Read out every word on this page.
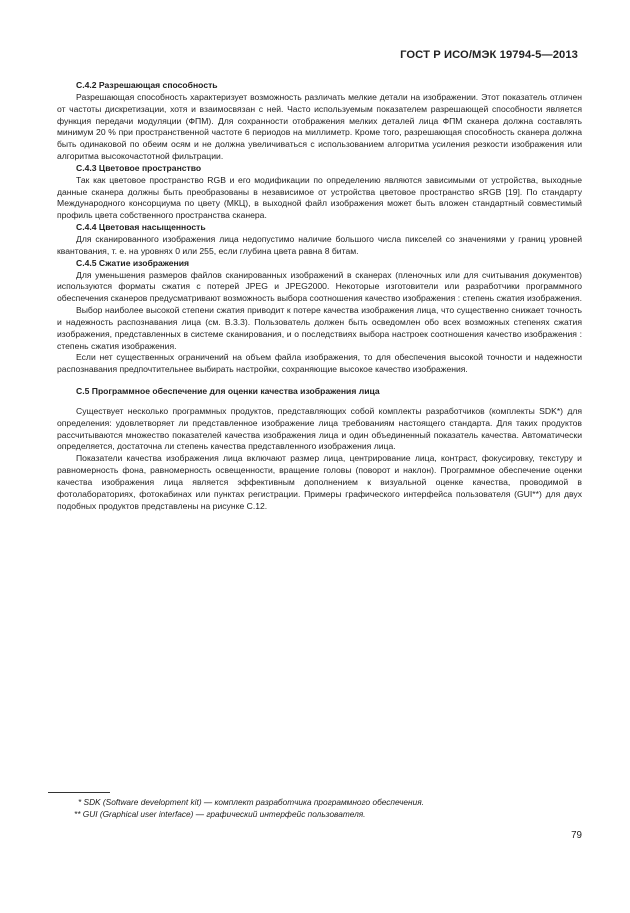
ГОСТ Р ИСО/МЭК 19794-5—2013
С.4.2 Разрешающая способность

Разрешающая способность характеризует возможность различать мелкие детали на изображении. Этот показатель отличен от частоты дискретизации, хотя и взаимосвязан с ней. Часто используемым показателем разрешающей способности является функция передачи модуляции (ФПМ). Для сохранности отображения мелких деталей лица ФПМ сканера должна составлять минимум 20 % при пространственной частоте 6 периодов на миллиметр. Кроме того, разрешающая способность сканера должна быть одинаковой по обеим осям и не должна увеличиваться с использованием алгоритма усиления резкости изображения или алгоритма высокочастотной фильтрации.

С.4.3 Цветовое пространство

Так как цветовое пространство RGB и его модификации по определению являются зависимыми от устройства, выходные данные сканера должны быть преобразованы в независимое от устройства цветовое пространство sRGB [19]. По стандарту Международного консорциума по цвету (МКЦ), в выходной файл изображения может быть вложен стандартный совместимый профиль цвета собственного пространства сканера.

С.4.4 Цветовая насыщенность

Для сканированного изображения лица недопустимо наличие большого числа пикселей со значениями у границ уровней квантования, т. е. на уровнях 0 или 255, если глубина цвета равна 8 битам.

С.4.5 Сжатие изображения

Для уменьшения размеров файлов сканированных изображений в сканерах (пленочных или для считывания документов) используются форматы сжатия с потерей JPEG и JPEG2000. Некоторые изготовители или разработчики программного обеспечения сканеров предусматривают возможность выбора соотношения качество изображения : степень сжатия изображения.

Выбор наиболее высокой степени сжатия приводит к потере качества изображения лица, что существенно снижает точность и надежность распознавания лица (см. В.3.3). Пользователь должен быть осведомлен обо всех возможных степенях сжатия изображения, представленных в системе сканирования, и о последствиях выбора настроек соотношения качество изображения : степень сжатия изображения.

Если нет существенных ограничений на объем файла изображения, то для обеспечения высокой точности и надежности распознавания предпочтительнее выбирать настройки, сохраняющие высокое качество изображения.

С.5 Программное обеспечение для оценки качества изображения лица

Существует несколько программных продуктов, представляющих собой комплекты разработчиков (комплекты SDK*) для определения: удовлетворяет ли представленное изображение лица требованиям настоящего стандарта. Для таких продуктов рассчитываются множество показателей качества изображения лица и один объединенный показатель качества. Автоматически определяется, достаточна ли степень качества представленного изображения лица.

Показатели качества изображения лица включают размер лица, центрирование лица, контраст, фокусировку, текстуру и равномерность фона, равномерность освещенности, вращение головы (поворот и наклон). Программное обеспечение оценки качества изображения лица является эффективным дополнением к визуальной оценке качества, проводимой в фотолабораториях, фотокабинах или пунктах регистрации. Примеры графического интерфейса пользователя (GUI**) для двух подобных продуктов представлены на рисунке С.12.

* SDK (Software development kit) — комплект разработчика программного обеспечения.
** GUI (Graphical user interface) — графический интерфейс пользователя.
79
